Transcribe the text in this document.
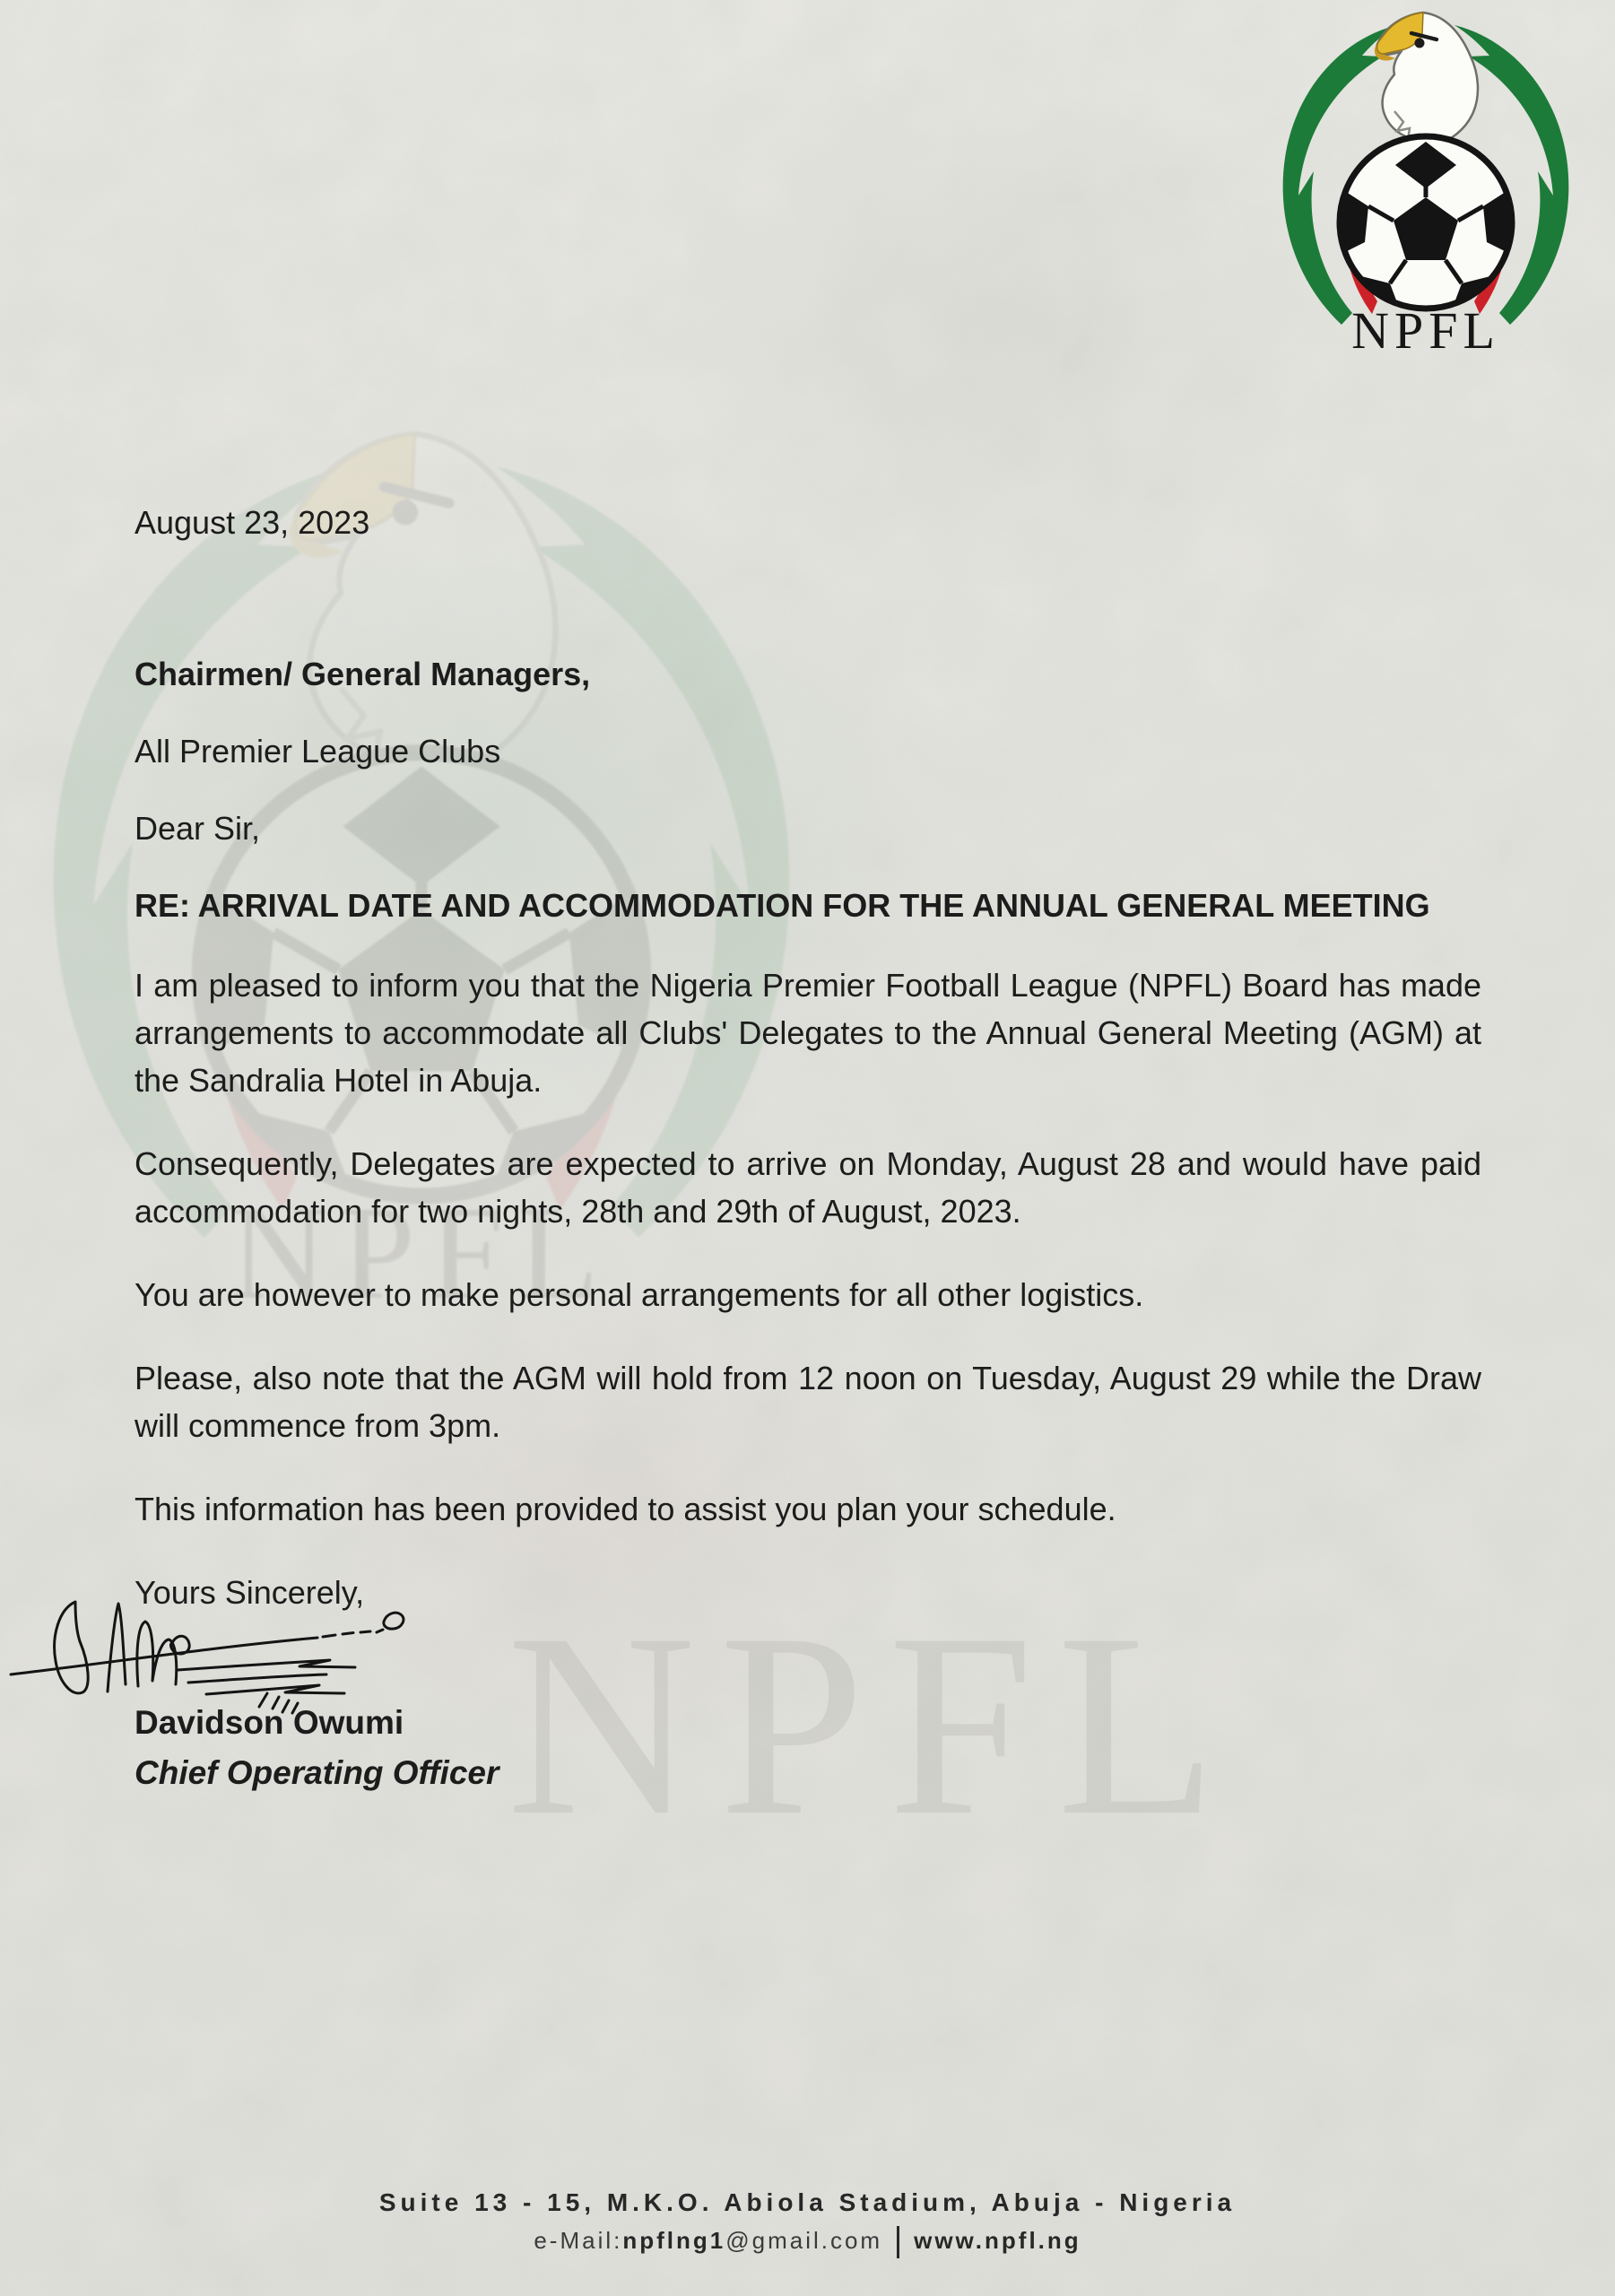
NPFL

August 23, 2023

Chairmen/ General Managers,

All Premier League Clubs

Dear Sir,

RE: ARRIVAL DATE AND ACCOMMODATION FOR THE ANNUAL GENERAL MEETING

I am pleased to inform you that the Nigeria Premier Football League (NPFL) Board has made arrangements to accommodate all Clubs' Delegates to the Annual General Meeting (AGM) at the Sandralia Hotel in Abuja.

Consequently, Delegates are expected to arrive on Monday, August 28 and would have paid accommodation for two nights, 28th and 29th of August, 2023.

You are however to make personal arrangements for all other logistics.

Please, also note that the AGM will hold from 12 noon on Tuesday, August 29 while the Draw will commence from 3pm.

This information has been provided to assist you plan your schedule.

Yours Sincerely,

Davidson Owumi
Chief Operating Officer
Suite 13 - 15, M.K.O. Abiola Stadium, Abuja - Nigeria
e-Mail:npflng1@gmail.com www.npfl.ng
